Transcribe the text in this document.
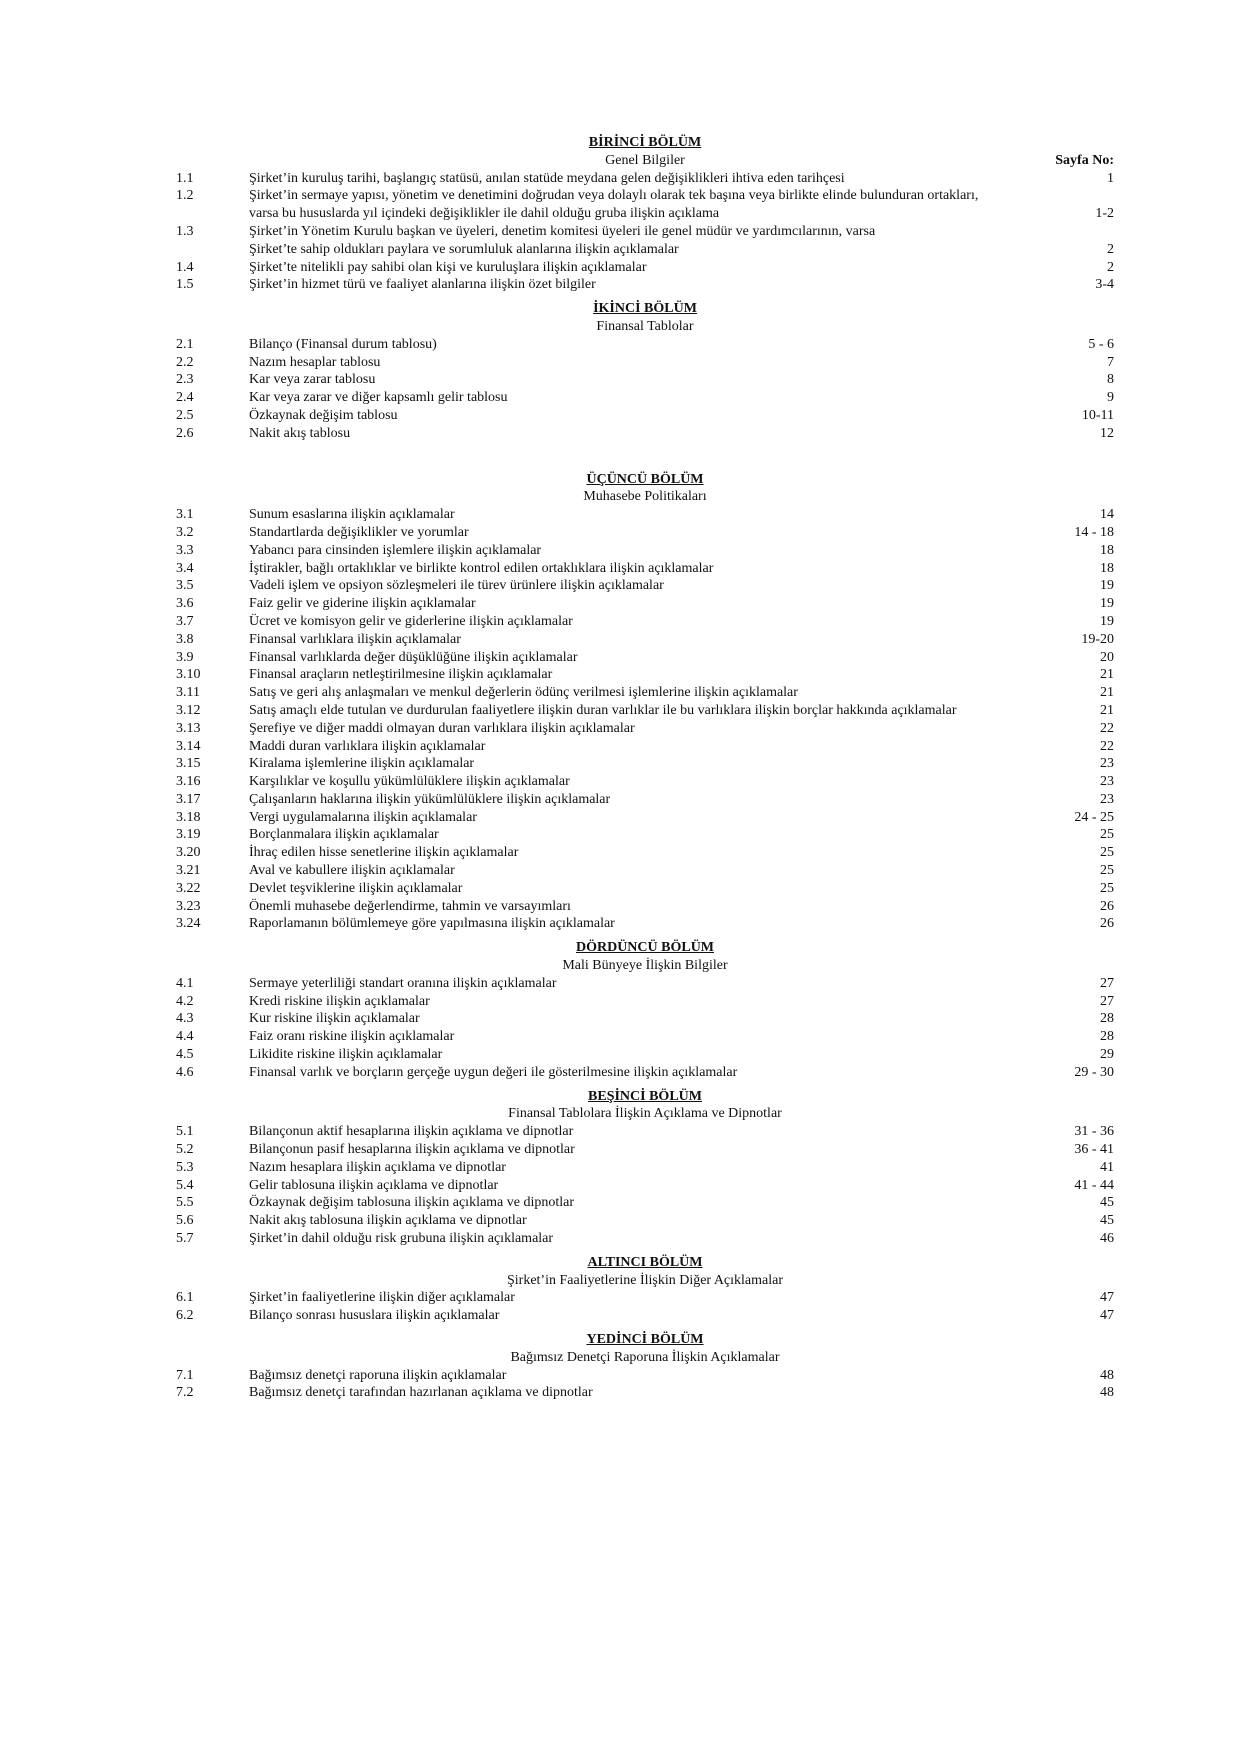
BİRİNCİ BÖLÜM
Genel Bilgiler	Sayfa No:
1.1	Şirket’in kuruluş tarihi, başlangıç statüsü, anılan statüde meydana gelen değişiklikleri ihtiva eden tarihçesi	1
1.2	Şirket’in sermaye yapısı, yönetim ve denetimini doğrudan veya dolaylı olarak tek başına veya birlikte elinde bulunduran ortakları,
varsa bu hususlarda yıl içindeki değişiklikler ile dahil olduğu gruba ilişkin açıklama	1-2
1.3	Şirket’in Yönetim Kurulu başkan ve üyeleri, denetim komitesi üyeleri ile genel müdür ve yardımcılarının, varsa
Şirket’te sahip oldukları paylara ve sorumluluk alanlarına ilişkin açıklamalar	2
1.4	Şirket’te nitelikli pay sahibi olan kişi ve kuruluşlara ilişkin açıklamalar	2
1.5	Şirket’in hizmet türü ve faaliyet alanlarına ilişkin özet bilgiler	3-4
İKİNCİ BÖLÜM
Finansal Tablolar
2.1	Bilanço (Finansal durum tablosu)	5 - 6
2.2	Nazım hesaplar tablosu	7
2.3	Kar veya zarar tablosu	8
2.4	Kar veya zarar ve diğer kapsamlı gelir tablosu	9
2.5	Özkaynak değişim tablosu	10-11
2.6	Nakit akış tablosu	12
ÜÇÜNCÜ BÖLÜM
Muhasebe Politikaları
3.1	Sunum esaslarına ilişkin açıklamalar	14
3.2	Standartlarda değişiklikler ve yorumlar	14 - 18
3.3	Yabancı para cinsinden işlemlere ilişkin açıklamalar	18
3.4	İştirakler, bağlı ortaklıklar ve birlikte kontrol edilen ortaklıklara ilişkin açıklamalar	18
3.5	Vadeli işlem ve opsiyon sözleşmeleri ile türev ürünlere ilişkin açıklamalar	19
3.6	Faiz gelir ve giderine ilişkin açıklamalar	19
3.7	Ücret ve komisyon gelir ve giderlerine ilişkin açıklamalar	19
3.8	Finansal varlıklara ilişkin açıklamalar	19-20
3.9	Finansal varlıklarda değer düşüklüğüne ilişkin açıklamalar	20
3.10	Finansal araçların netleştirilmesine ilişkin açıklamalar	21
3.11	Satış ve geri alış anlaşmaları ve menkul değerlerin ödünç verilmesi işlemlerine ilişkin açıklamalar	21
3.12	Satış amaçlı elde tutulan ve durdurulan faaliyetlere ilişkin duran varlıklar ile bu varlıklara ilişkin borçlar hakkında açıklamalar	21
3.13	Şerefiye ve diğer maddi olmayan duran varlıklara ilişkin açıklamalar	22
3.14	Maddi duran varlıklara ilişkin açıklamalar	22
3.15	Kiralama işlemlerine ilişkin açıklamalar	23
3.16	Karşılıklar ve koşullu yükümlülüklere ilişkin açıklamalar	23
3.17	Çalışanların haklarına ilişkin yükümlülüklere ilişkin açıklamalar	23
3.18	Vergi uygulamalarına ilişkin açıklamalar	24 - 25
3.19	Borçlanmalara ilişkin açıklamalar	25
3.20	İhraç edilen hisse senetlerine ilişkin açıklamalar	25
3.21	Aval ve kabullere ilişkin açıklamalar	25
3.22	Devlet teşviklerine ilişkin açıklamalar	25
3.23	Önemli muhasebe değerlendirme, tahmin ve varsayımları	26
3.24	Raporlamanın bölümlemeye göre yapılmasına ilişkin açıklamalar	26
DÖRDÜNCÜ BÖLÜM
Mali Bünyeye İlişkin Bilgiler
4.1	Sermaye yeterliliği standart oranına ilişkin açıklamalar	27
4.2	Kredi riskine ilişkin açıklamalar	27
4.3	Kur riskine ilişkin açıklamalar	28
4.4	Faiz oranı riskine ilişkin açıklamalar	28
4.5	Likidite riskine ilişkin açıklamalar	29
4.6	Finansal varlık ve borçların gerçeğe uygun değeri ile gösterilmesine ilişkin açıklamalar	29 - 30
BEŞİNCİ BÖLÜM
Finansal Tablolara İlişkin Açıklama ve Dipnotlar
5.1	Bilançonun aktif hesaplarına ilişkin açıklama ve dipnotlar	31 - 36
5.2	Bilançonun pasif hesaplarına ilişkin açıklama ve dipnotlar	36 - 41
5.3	Nazım hesaplara ilişkin açıklama ve dipnotlar	41
5.4	Gelir tablosuna ilişkin açıklama ve dipnotlar	41 - 44
5.5	Özkaynak değişim tablosuna ilişkin açıklama ve dipnotlar	45
5.6	Nakit akış tablosuna ilişkin açıklama ve dipnotlar	45
5.7	Şirket’in dahil olduğu risk grubuna ilişkin açıklamalar	46
ALTINCI BÖLÜM
Şirket’in Faaliyetlerine İlişkin Diğer Açıklamalar
6.1	Şirket’in faaliyetlerine ilişkin diğer açıklamalar	47
6.2	Bilanço sonrası hususlara ilişkin açıklamalar	47
YEDİNCİ BÖLÜM
Bağımsız Denetçi Raporuna İlişkin Açıklamalar
7.1	Bağımsız denetçi raporuna ilişkin açıklamalar	48
7.2	Bağımsız denetçi tarafından hazırlanan açıklama ve dipnotlar	48
